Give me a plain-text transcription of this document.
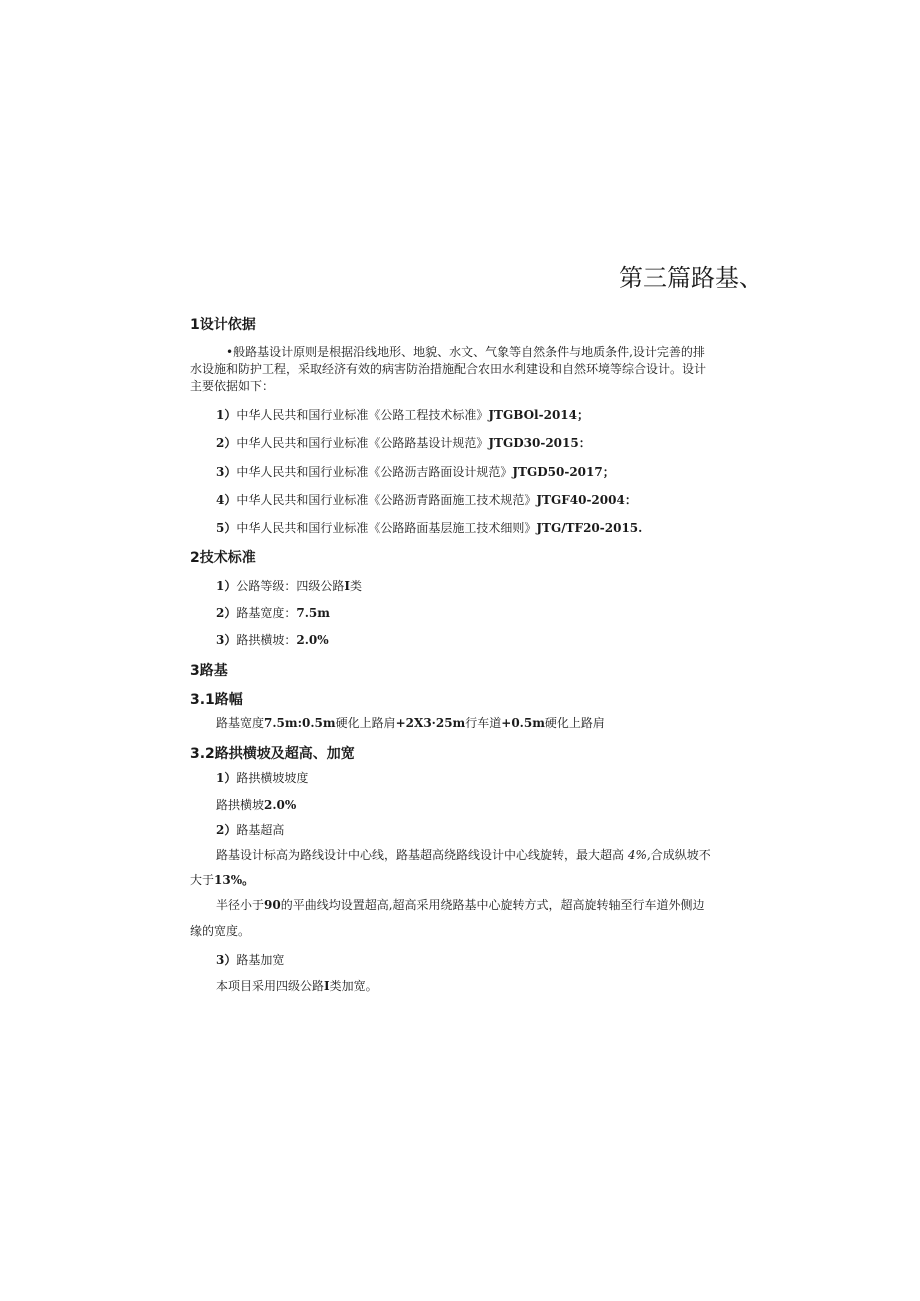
第三篇路基、
1设计依据
•般路基设计原则是根据沿线地形、地貌、水文、气象等自然条件与地质条件,设计完善的排
水设施和防护工程，采取经济有效的病害防治措施配合农田水利建设和自然环境等综合设计。设计
主要依据如下：
1）中华人民共和国行业标准《公路工程技术标准》JTGBOl-2014；
2）中华人民共和国行业标准《公路路基设计规范》JTGD30-2015：
3）中华人民共和国行业标准《公路沥吉路面设计规范》JTGD50-2017；
4）中华人民共和国行业标准《公路沥青路面施工技术规范》JTGF40-2004：
5）中华人民共和国行业标准《公路路面基层施工技术细则》JTG/TF20-2015.
2技术标准
1）公路等级：四级公路I类
2）路基宽度：7.5m
3）路拱横坡：2.0%
3路基
3.1路幅
路基宽度7.5m:0.5m硬化上路肩+2X3·25m行车道+0.5m硬化上路肩
3.2路拱横坡及超高、加宽
1）路拱横坡坡度
路拱横坡2.0%
2）路基超高
路基设计标高为路线设计中心线，路基超高绕路线设计中心线旋转，最大超高 4%,合成纵坡不
大于13%。
半径小于90的平曲线均设置超高,超高采用绕路基中心旋转方式，超高旋转轴至行车道外侧边
缘的宽度。
3）路基加宽
本项目采用四级公路I类加宽。
